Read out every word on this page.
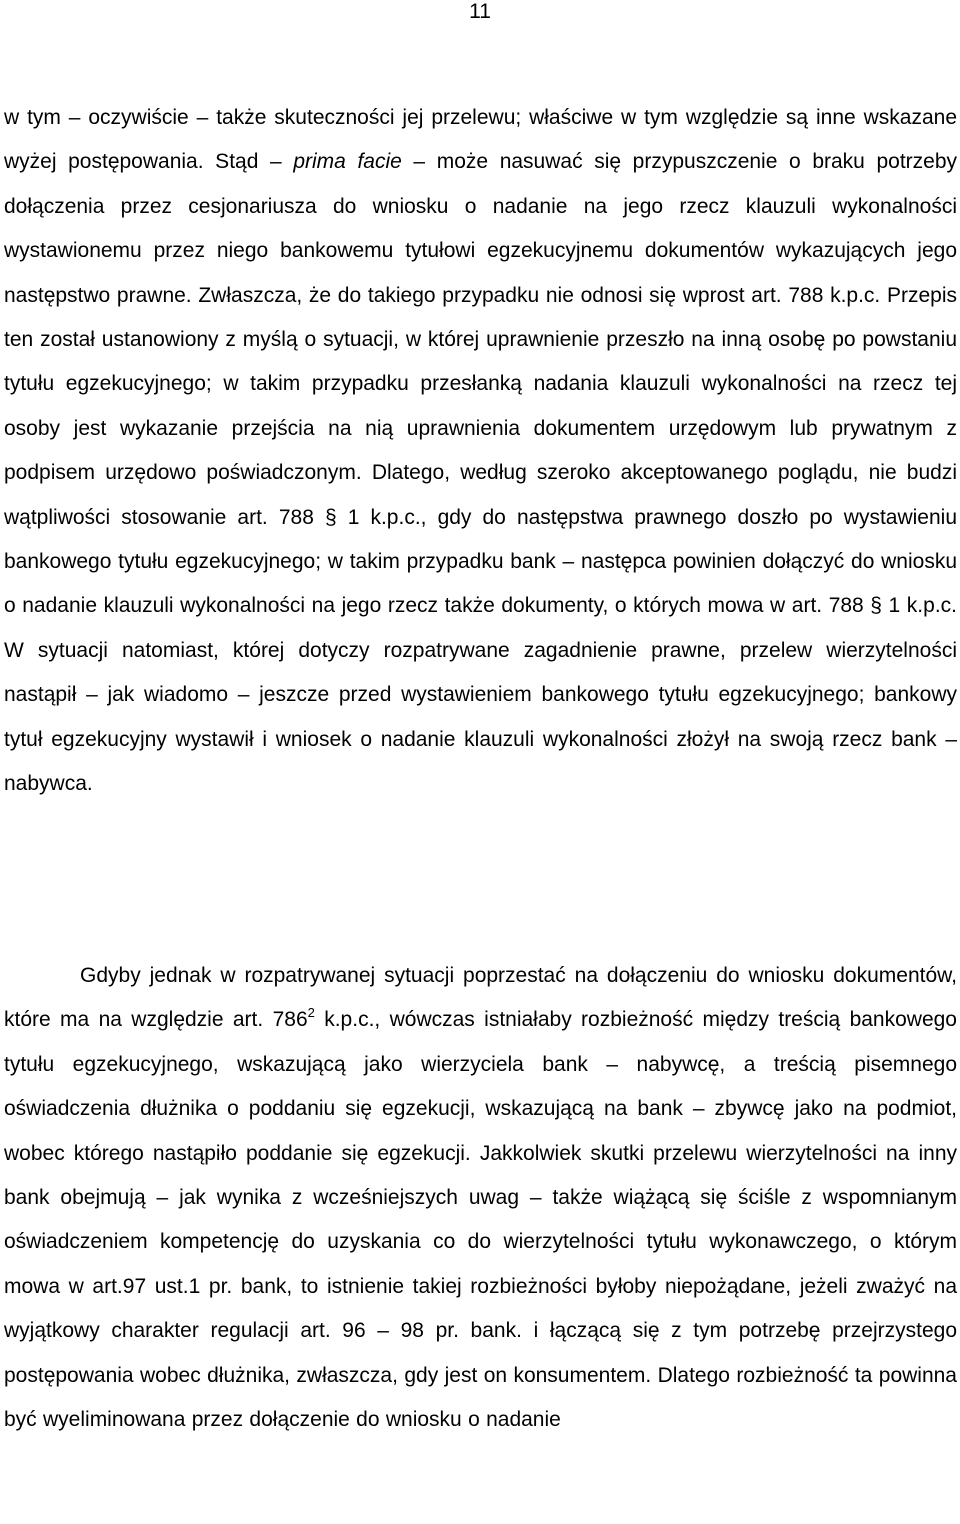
11

w tym – oczywiście – także skuteczności jej przelewu; właściwe w tym względzie są inne wskazane wyżej postępowania. Stąd – prima facie – może nasuwać się przypuszczenie o braku potrzeby dołączenia przez cesjonariusza do wniosku o nadanie na jego rzecz klauzuli wykonalności wystawionemu przez niego bankowemu tytułowi egzekucyjnemu dokumentów wykazujących jego następstwo prawne. Zwłaszcza, że do takiego przypadku nie odnosi się wprost art. 788 k.p.c. Przepis ten został ustanowiony z myślą o sytuacji, w której uprawnienie przeszło na inną osobę po powstaniu tytułu egzekucyjnego; w takim przypadku przesłanką nadania klauzuli wykonalności na rzecz tej osoby jest wykazanie przejścia na nią uprawnienia dokumentem urzędowym lub prywatnym z podpisem urzędowo poświadczonym. Dlatego, według szeroko akceptowanego poglądu, nie budzi wątpliwości stosowanie art. 788 § 1 k.p.c., gdy do następstwa prawnego doszło po wystawieniu bankowego tytułu egzekucyjnego; w takim przypadku bank – następca powinien dołączyć do wniosku o nadanie klauzuli wykonalności na jego rzecz także dokumenty, o których mowa w art. 788 § 1 k.p.c. W sytuacji natomiast, której dotyczy rozpatrywane zagadnienie prawne, przelew wierzytelności nastąpił – jak wiadomo – jeszcze przed wystawieniem bankowego tytułu egzekucyjnego; bankowy tytuł egzekucyjny wystawił i wniosek o nadanie klauzuli wykonalności złożył na swoją rzecz bank – nabywca.

Gdyby jednak w rozpatrywanej sytuacji poprzestać na dołączeniu do wniosku dokumentów, które ma na względzie art. $786^2$ k.p.c., wówczas istniałaby rozbieżność między treścią bankowego tytułu egzekucyjnego, wskazującą jako wierzyciela bank – nabywcę, a treścią pisemnego oświadczenia dłużnika o poddaniu się egzekucji, wskazującą na bank – zbywcę jako na podmiot, wobec którego nastąpiło poddanie się egzekucji. Jakkolwiek skutki przelewu wierzytelności na inny bank obejmują – jak wynika z wcześniejszych uwag – także wiążącą się ściśle z wspomnianym oświadczeniem kompetencję do uzyskania co do wierzytelności tytułu wykonawczego, o którym mowa w art.97 ust.1 pr. bank, to istnienie takiej rozbieżności byłoby niepożądane, jeżeli zważyć na wyjątkowy charakter regulacji art. 96 – 98 pr. bank. i łączącą się z tym potrzebę przejrzystego postępowania wobec dłużnika, zwłaszcza, gdy jest on konsumentem. Dlatego rozbieżność ta powinna być wyeliminowana przez dołączenie do wniosku o nadanie
